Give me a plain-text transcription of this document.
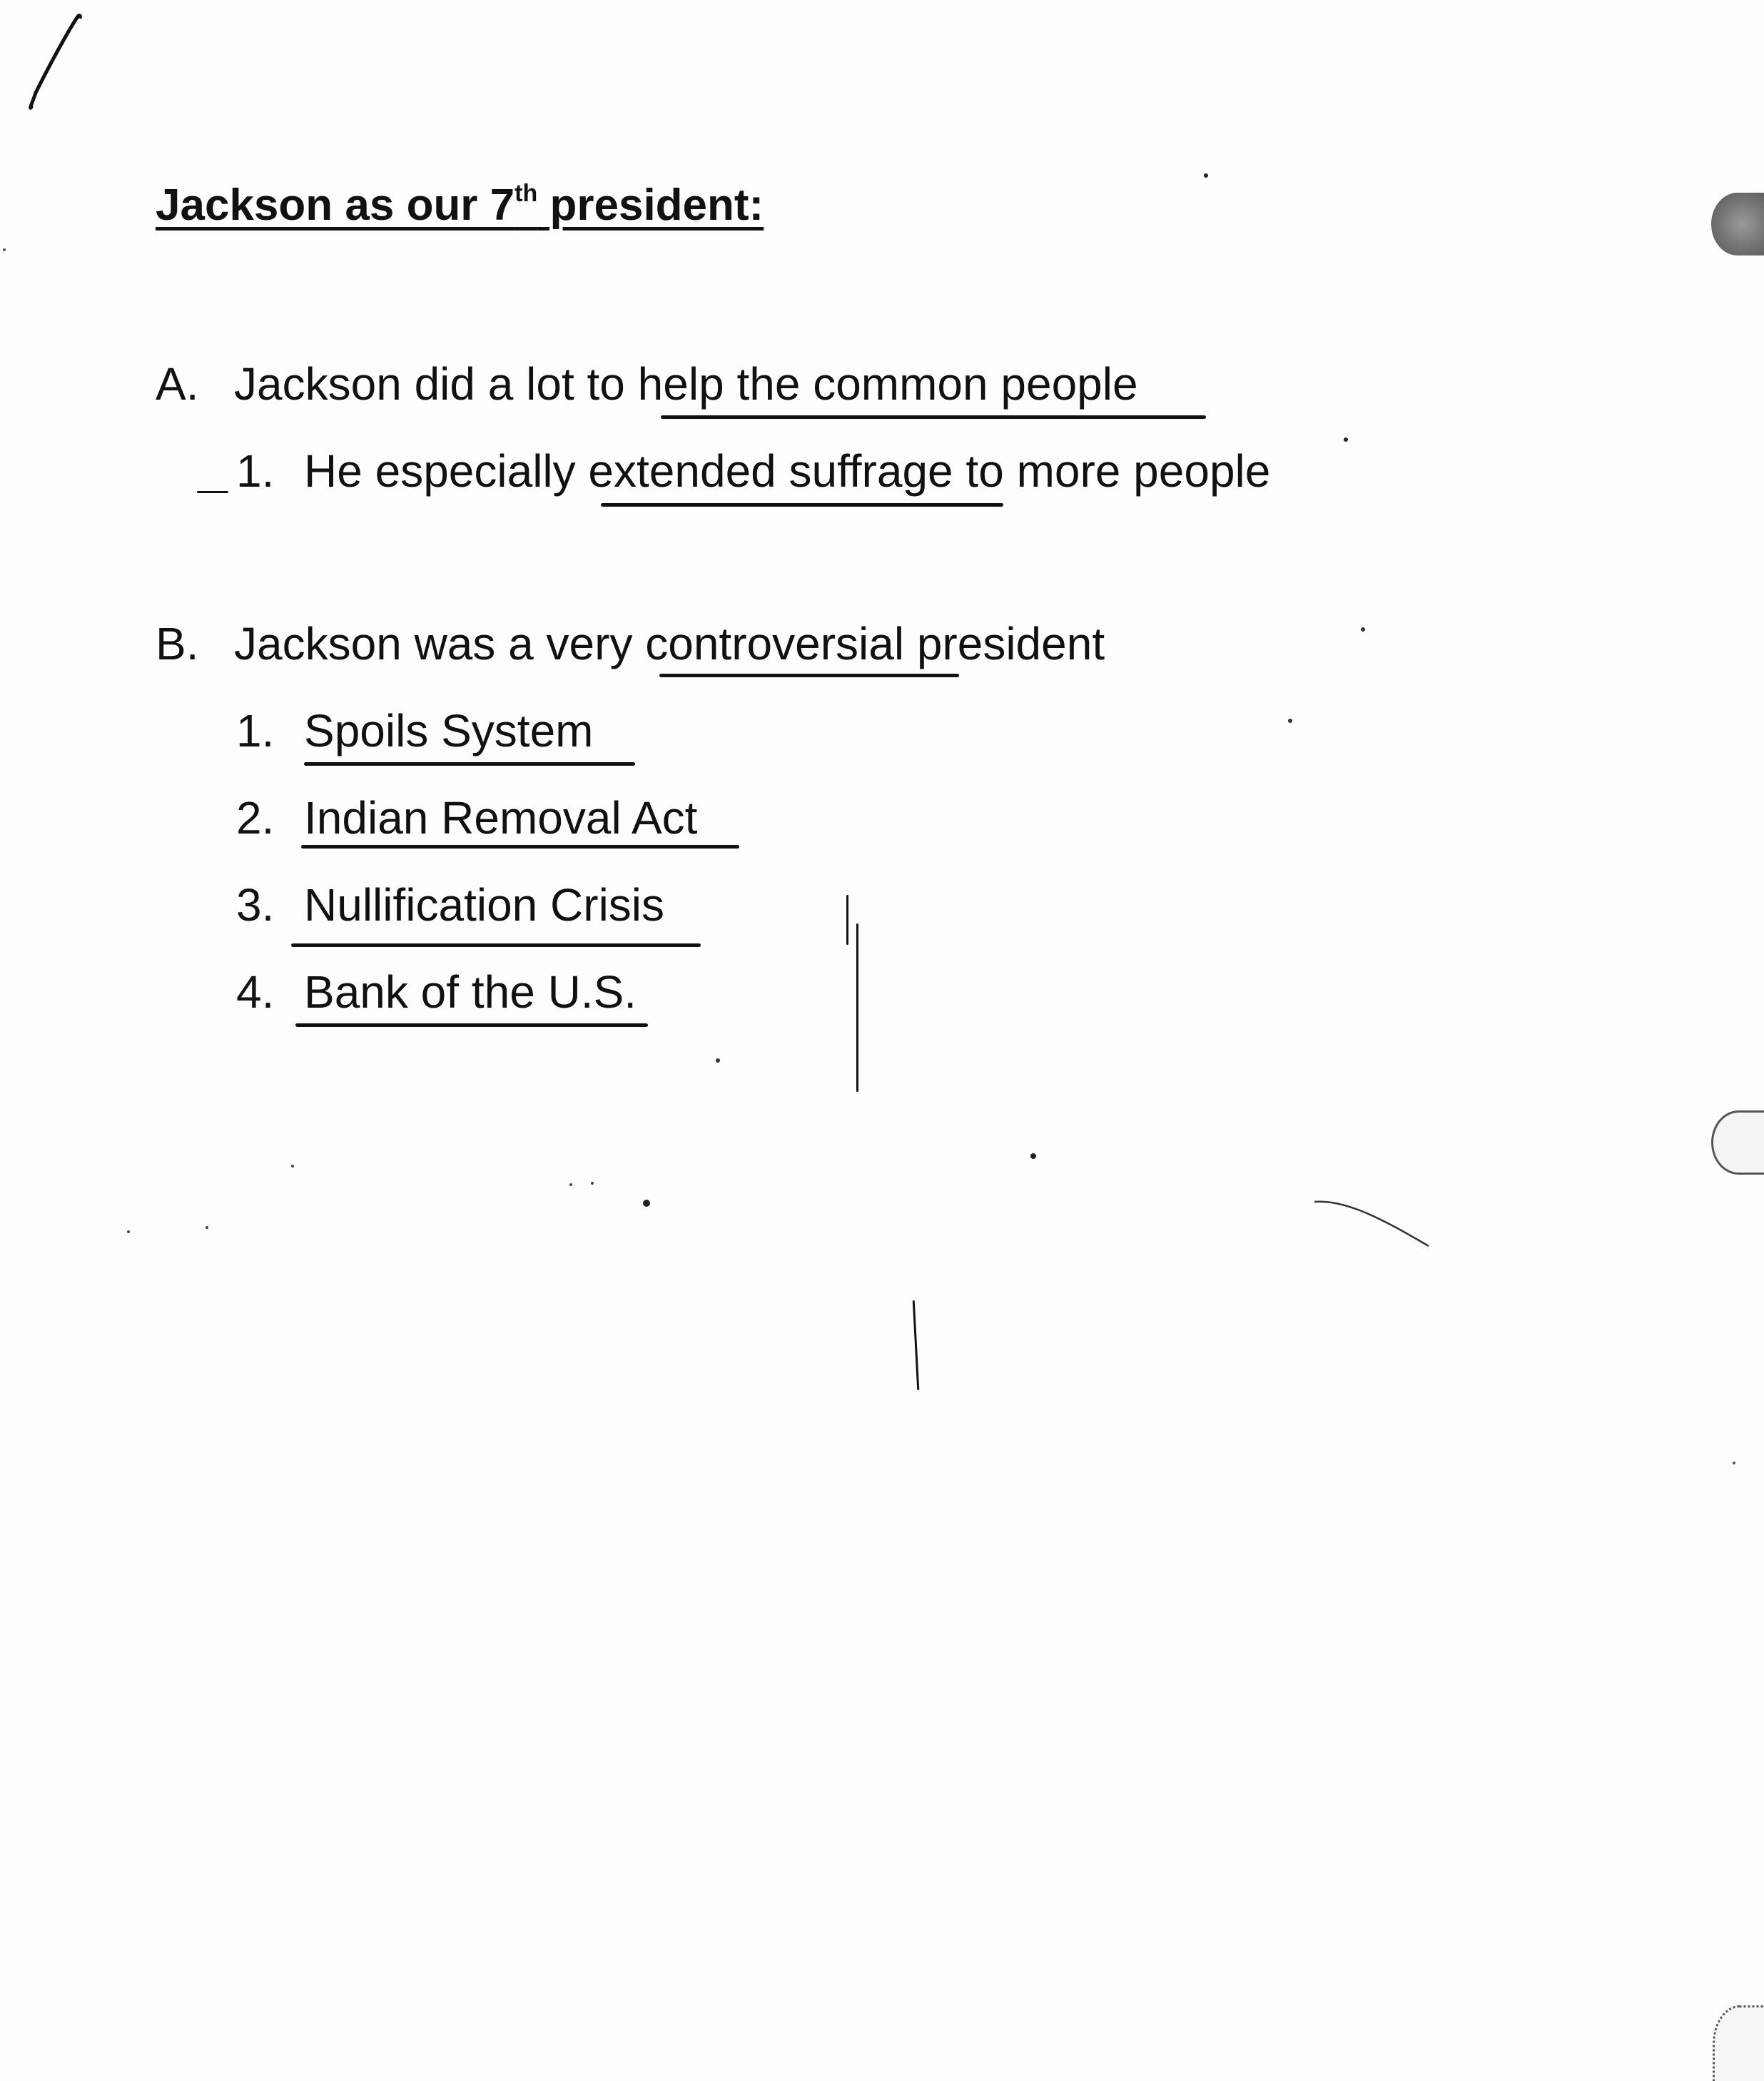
Jackson as our 7th president:
A. Jackson did a lot to help the common people
1. He especially extended suffrage to more people
B. Jackson was a very controversial president
1. Spoils System
2. Indian Removal Act
3. Nullification Crisis
4. Bank of the U.S.
